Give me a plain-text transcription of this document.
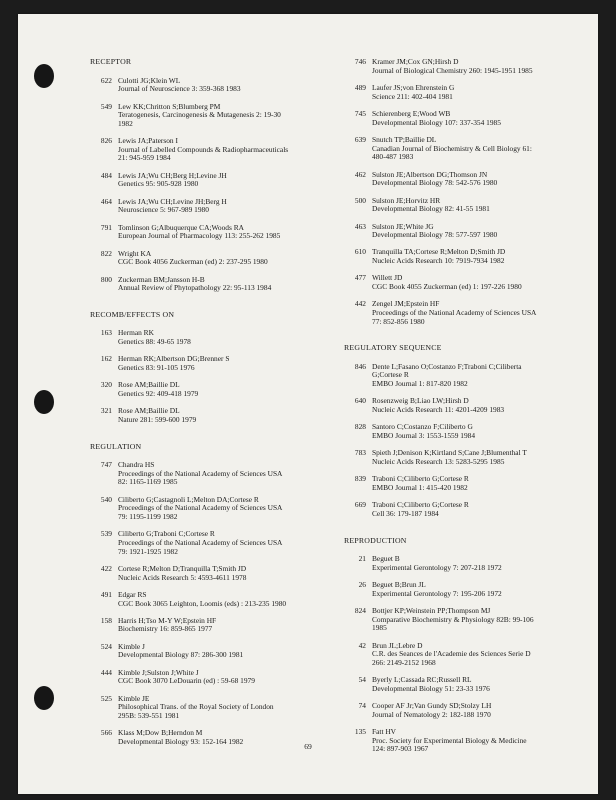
RECEPTOR
622 Culotti JG;Klein WL
Journal of Neuroscience 3: 359-368 1983
549 Lew KK;Chritton S;Blumberg PM
Teratogenesis, Carcinogenesis & Mutagenesis 2: 19-30
1982
826 Lewis JA;Paterson I
Journal of Labelled Compounds & Radiopharmaceuticals
21: 945-959 1984
484 Lewis JA;Wu CH;Berg H;Levine JH
Genetics 95: 905-928 1980
464 Lewis JA;Wu CH;Levine JH;Berg H
Neuroscience 5: 967-989 1980
791 Tomlinson G;Albuquerque CA;Woods RA
European Journal of Pharmacology 113: 255-262 1985
822 Wright KA
CGC Book 4056 Zuckerman (ed) 2: 237-295 1980
800 Zuckerman BM;Jansson H-B
Annual Review of Phytopathology 22: 95-113 1984
RECOMB/EFFECTS ON
163 Herman RK
Genetics 88: 49-65 1978
162 Herman RK;Albertson DG;Brenner S
Genetics 83: 91-105 1976
320 Rose AM;Baillie DL
Genetics 92: 409-418 1979
321 Rose AM;Baillie DL
Nature 281: 599-600 1979
REGULATION
747 Chandra HS
Proceedings of the National Academy of Sciences USA
82: 1165-1169 1985
540 Ciliberto G;Castagnoli L;Melton DA;Cortese R
Proceedings of the National Academy of Sciences USA
79: 1195-1199 1982
539 Ciliberto G;Traboni C;Cortese R
Proceedings of the National Academy of Sciences USA
79: 1921-1925 1982
422 Cortese R;Melton D;Tranquilla T;Smith JD
Nucleic Acids Research 5: 4593-4611 1978
491 Edgar RS
CGC Book 3065 Leighton, Loomis (eds) : 213-235 1980
158 Harris H;Tso M-Y W;Epstein HF
Biochemistry 16: 859-865 1977
524 Kimble J
Developmental Biology 87: 286-300 1981
444 Kimble J;Sulston J;White J
CGC Book 3070 LeDouarin (ed) : 59-68 1979
525 Kimble JE
Philosophical Trans. of the Royal Society of London
295B: 539-551 1981
566 Klass M;Dow B;Herndon M
Developmental Biology 93: 152-164 1982
746 Kramer JM;Cox GN;Hirsh D
Journal of Biological Chemistry 260: 1945-1951 1985
489 Laufer JS;von Ehrenstein G
Science 211: 402-404 1981
745 Schierenberg E;Wood WB
Developmental Biology 107: 337-354 1985
639 Snutch TP;Baillie DL
Canadian Journal of Biochemistry & Cell Biology 61:
480-487 1983
462 Sulston JE;Albertson DG;Thomson JN
Developmental Biology 78: 542-576 1980
500 Sulston JE;Horvitz HR
Developmental Biology 82: 41-55 1981
463 Sulston JE;White JG
Developmental Biology 78: 577-597 1980
610 Tranquilla TA;Cortese R;Melton D;Smith JD
Nucleic Acids Research 10: 7919-7934 1982
477 Willett JD
CGC Book 4055 Zuckerman (ed) 1: 197-226 1980
442 Zengel JM;Epstein HF
Proceedings of the National Academy of Sciences USA
77: 852-856 1980
REGULATORY SEQUENCE
846 Dente L;Fasano O;Costanzo F;Traboni C;Ciliberta
G;Cortese R
EMBO Journal 1: 817-820 1982
640 Rosenzweig B;Liao LW;Hirsh D
Nucleic Acids Research 11: 4201-4209 1983
828 Santoro C;Costanzo F;Ciliberto G
EMBO Journal 3: 1553-1559 1984
783 Spieth J;Denison K;Kirtland S;Cane J;Blumenthal T
Nucleic Acids Research 13: 5283-5295 1985
839 Traboni C;Ciliberto G;Cortese R
EMBO Journal 1: 415-420 1982
669 Traboni C;Ciliberto G;Cortese R
Cell 36: 179-187 1984
REPRODUCTION
21 Beguet B
Experimental Gerontology 7: 207-218 1972
26 Beguet B;Brun JL
Experimental Gerontology 7: 195-206 1972
824 Bottjer KP;Weinstein PP;Thompson MJ
Comparative Biochemistry & Physiology 82B: 99-106
1985
42 Brun JL;Lebre D
C.R. des Seances de l'Academie des Sciences Serie D
266: 2149-2152 1968
54 Byerly L;Cassada RC;Russell RL
Developmental Biology 51: 23-33 1976
74 Cooper AF Jr;Van Gundy SD;Stolzy LH
Journal of Nematology 2: 182-188 1970
135 Fatt HV
Proc. Society for Experimental Biology & Medicine
124: 897-903 1967
69
